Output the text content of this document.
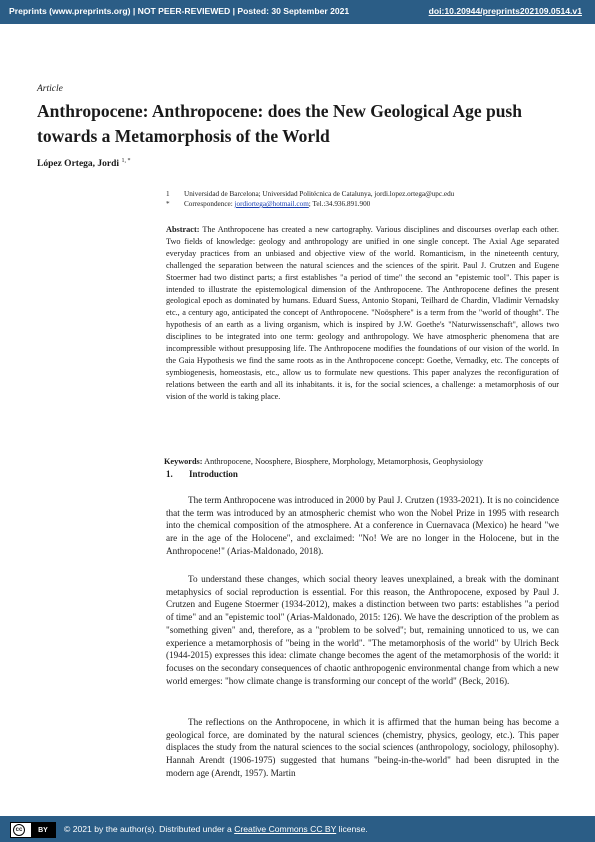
Preprints (www.preprints.org) | NOT PEER-REVIEWED | Posted: 30 September 2021	doi:10.20944/preprints202109.0514.v1
Article
Anthropocene: Anthropocene: does the New Geological Age push towards a Metamorphosis of the World
López Ortega, Jordi $^{1, *}$
1 Universidad de Barcelona; Universidad Politécnica de Catalunya, jordi.lopez.ortega@upc.edu
* Correspondence: jordiortega@hotmail.com; Tel.:34.936.891.900
Abstract: The Anthropocene has created a new cartography. Various disciplines and discourses overlap each other. Two fields of knowledge: geology and anthropology are unified in one single concept. The Axial Age separated everyday practices from an unbiased and objective view of the world. Romanticism, in the nineteenth century, challenged the separation between the natural sciences and the sciences of the spirit. Paul J. Crutzen and Eugene Stoermer had two distinct parts; a first establishes "a period of time" the second an "epistemic tool". This paper is intended to illustrate the epistemological dimension of the Anthropocene. The Anthropocene defines the present geological epoch as dominated by humans. Eduard Suess, Antonio Stopani, Teilhard de Chardin, Vladimir Vernadsky etc., a century ago, anticipated the concept of Anthropocene. "Noösphere" is a term from the "world of thought". The hypothesis of an earth as a living organism, which is inspired by J.W. Goethe's "Naturwissenschaft", allows two disciplines to be integrated into one term: geology and anthropology. We have atmospheric phenomena that are incompressible without presupposing life. The Anthropocene modifies the foundations of our vision of the world. In the Gaia Hypothesis we find the same roots as in the Anthropocene concept: Goethe, Vernadky, etc. The concepts of symbiogenesis, homeostasis, etc., allow us to formulate new questions. This paper analyzes the reconfiguration of relations between the earth and all its inhabitants. it is, for the social sciences, a challenge: a metamorphosis of our vision of the world is taking place.
Keywords: Anthropocene, Noosphere, Biosphere, Morphology, Metamorphosis, Geophysiology
1. Introduction
The term Anthropocene was introduced in 2000 by Paul J. Crutzen (1933-2021). It is no coincidence that the term was introduced by an atmospheric chemist who won the Nobel Prize in 1995 with research into the chemical composition of the atmosphere. At a conference in Cuernavaca (Mexico) he heard "we are in the age of the Holocene", and exclaimed: "No! We are no longer in the Holocene, but in the Anthropocene!" (Arias-Maldonado, 2018).
To understand these changes, which social theory leaves unexplained, a break with the dominant metaphysics of social reproduction is essential. For this reason, the Anthropocene, exposed by Paul J. Crutzen and Eugene Stoermer (1934-2012), makes a distinction between two parts: establishes "a period of time" and an "epistemic tool" (Arias-Maldonado, 2015: 126). We have the description of the problem as "something given" and, therefore, as a "problem to be solved"; but, remaining unnoticed to us, we can experience a metamorphosis of "being in the world". "The metamorphosis of the world" by Ulrich Beck (1944-2015) expresses this idea: climate change becomes the agent of the metamorphosis of the world: it focuses on the secondary consequences of chaotic anthropogenic environmental change from which a new world emerges: "how climate change is transforming our concept of the world" (Beck, 2016).
The reflections on the Anthropocene, in which it is affirmed that the human being has become a geological force, are dominated by the natural sciences (chemistry, physics, geology, etc.). This paper displaces the study from the natural sciences to the social sciences (anthropology, sociology, philosophy). Hannah Arendt (1906-1975) suggested that humans "being-in-the-world" had been disrupted in the modern age (Arendt, 1957). Martin
cc	BY	© 2021 by the author(s). Distributed under a Creative Commons CC BY license.
